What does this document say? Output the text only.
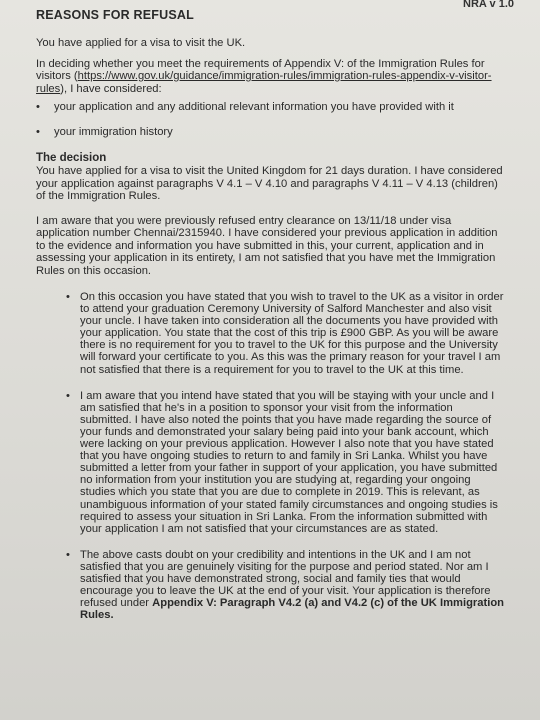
NRA v 1.0
REASONS FOR REFUSAL

You have applied for a visa to visit the UK.

In deciding whether you meet the requirements of Appendix V: of the Immigration Rules for visitors (https://www.gov.uk/guidance/immigration-rules/immigration-rules-appendix-v-visitor-rules), I have considered:

• your application and any additional relevant information you have provided with it
• your immigration history
The decision

You have applied for a visa to visit the United Kingdom for 21 days duration. I have considered your application against paragraphs V 4.1 – V 4.10 and paragraphs V 4.11 – V 4.13 (children) of the Immigration Rules.

I am aware that you were previously refused entry clearance on 13/11/18 under visa application number Chennai/2315940. I have considered your previous application in addition to the evidence and information you have submitted in this, your current, application and in assessing your application in its entirety, I am not satisfied that you have met the Immigration Rules on this occasion.

• On this occasion you have stated that you wish to travel to the UK as a visitor in order to attend your graduation Ceremony University of Salford Manchester and also visit your uncle. I have taken into consideration all the documents you have provided with your application. You state that the cost of this trip is £900 GBP. As you will be aware there is no requirement for you to travel to the UK for this purpose and the University will forward your certificate to you. As this was the primary reason for your travel I am not satisfied that there is a requirement for you to travel to the UK at this time.
• I am aware that you intend have stated that you will be staying with your uncle and I am satisfied that he's in a position to sponsor your visit from the information submitted. I have also noted the points that you have made regarding the source of your funds and demonstrated your salary being paid into your bank account, which were lacking on your previous application. However I also note that you have stated that you have ongoing studies to return to and family in Sri Lanka. Whilst you have submitted a letter from your father in support of your application, you have submitted no information from your institution you are studying at, regarding your ongoing studies which you state that you are due to complete in 2019. This is relevant, as unambiguous information of your stated family circumstances and ongoing studies is required to assess your situation in Sri Lanka. From the information submitted with your application I am not satisfied that your circumstances are as stated.
• The above casts doubt on your credibility and intentions in the UK and I am not satisfied that you are genuinely visiting for the purpose and period stated. Nor am I satisfied that you have demonstrated strong, social and family ties that would encourage you to leave the UK at the end of your visit. Your application is therefore refused under Appendix V: Paragraph V4.2 (a) and V4.2 (c) of the UK Immigration Rules.
